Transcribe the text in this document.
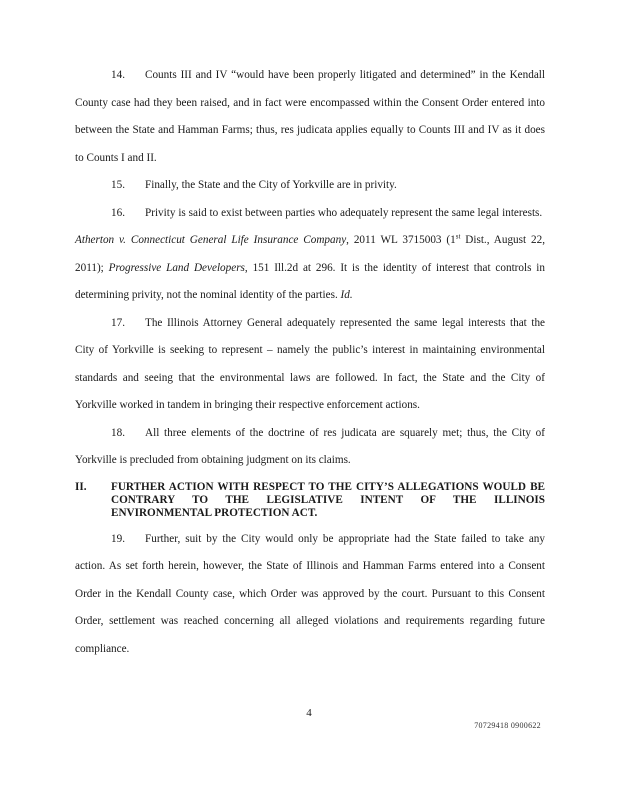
14. Counts III and IV “would have been properly litigated and determined” in the Kendall County case had they been raised, and in fact were encompassed within the Consent Order entered into between the State and Hamman Farms; thus, res judicata applies equally to Counts III and IV as it does to Counts I and II.

15. Finally, the State and the City of Yorkville are in privity.

16. Privity is said to exist between parties who adequately represent the same legal interests.  Atherton v. Connecticut General Life Insurance Company, 2011 WL 3715003 (1st Dist., August 22, 2011); Progressive Land Developers, 151 Ill.2d at 296. It is the identity of interest that controls in determining privity, not the nominal identity of the parties. Id.

17. The Illinois Attorney General adequately represented the same legal interests that the City of Yorkville is seeking to represent – namely the public’s interest in maintaining environmental standards and seeing that the environmental laws are followed. In fact, the State and the City of Yorkville worked in tandem in bringing their respective enforcement actions.

18. All three elements of the doctrine of res judicata are squarely met; thus, the City of Yorkville is precluded from obtaining judgment on its claims.

II.	FURTHER ACTION WITH RESPECT TO THE CITY’S ALLEGATIONS WOULD BE CONTRARY TO THE LEGISLATIVE INTENT OF THE ILLINOIS ENVIRONMENTAL PROTECTION ACT.

19. Further, suit by the City would only be appropriate had the State failed to take any action. As set forth herein, however, the State of Illinois and Hamman Farms entered into a Consent Order in the Kendall County case, which Order was approved by the court. Pursuant to this Consent Order, settlement was reached concerning all alleged violations and requirements regarding future compliance.

4
70729418 0900622
